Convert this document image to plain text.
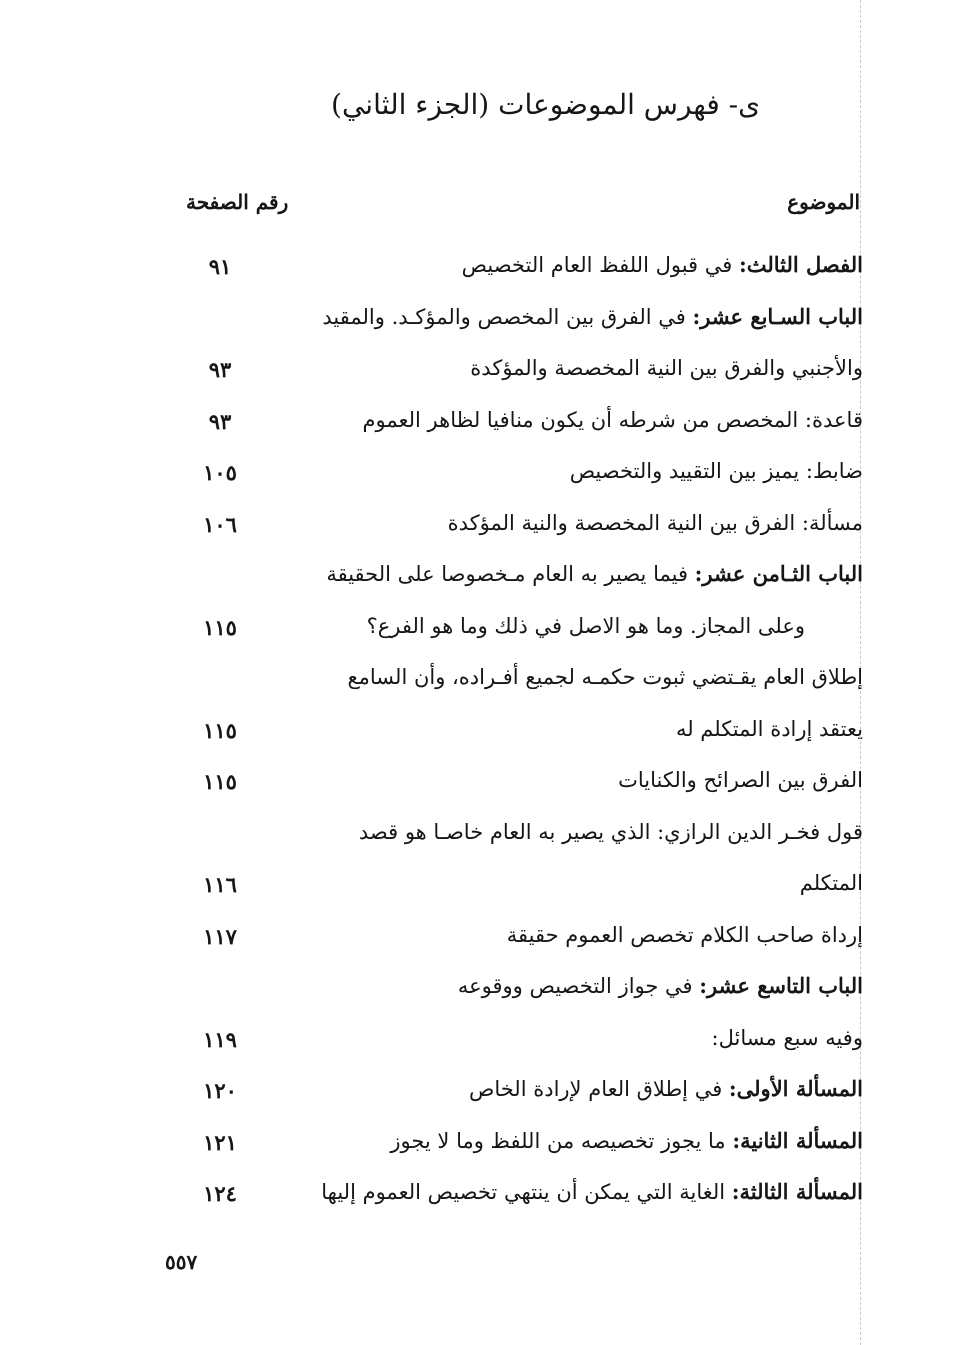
ى- فهرس الموضوعات (الجزء الثاني)
الموضوع
رقم الصفحة
الفصل الثالث: في قبول اللفظ العام التخصيص
٩١
الباب السـابع عشر: في الفرق بين المخصص والمؤكـد. والمقيد
والأجنبي والفرق بين النية المخصصة والمؤكدة
٩٣
قاعدة: المخصص من شرطه أن يكون منافيا لظاهر العموم
٩٣
ضابط: يميز بين التقييد والتخصيص
١٠٥
مسألة: الفرق بين النية المخصصة والنية المؤكدة
١٠٦
الباب الثـامن عشر: فيما يصير به العام مـخصوصا على الحقيقة
وعلى المجاز. وما هو الاصل في ذلك وما هو الفرع؟
١١٥
إطلاق العام يقـتضي ثبوت حكمـه لجميع أفـراده، وأن السامع
يعتقد إرادة المتكلم له
١١٥
الفرق بين الصرائح والكنايات
١١٥
قول فخـر الدين الرازي: الذي يصير به العام خاصـا هو قصد
المتكلم
١١٦
إرداة صاحب الكلام تخصص العموم حقيقة
١١٧
الباب التاسع عشر: في جواز التخصيص ووقوعه
وفيه سبع مسائل:
١١٩
المسألة الأولى: في إطلاق العام لإرادة الخاص
١٢٠
المسألة الثانية: ما يجوز تخصيصه من اللفظ وما لا يجوز
١٢١
المسألة الثالثة: الغاية التي يمكن أن ينتهي تخصيص العموم إليها
١٢٤
٥٥٧
